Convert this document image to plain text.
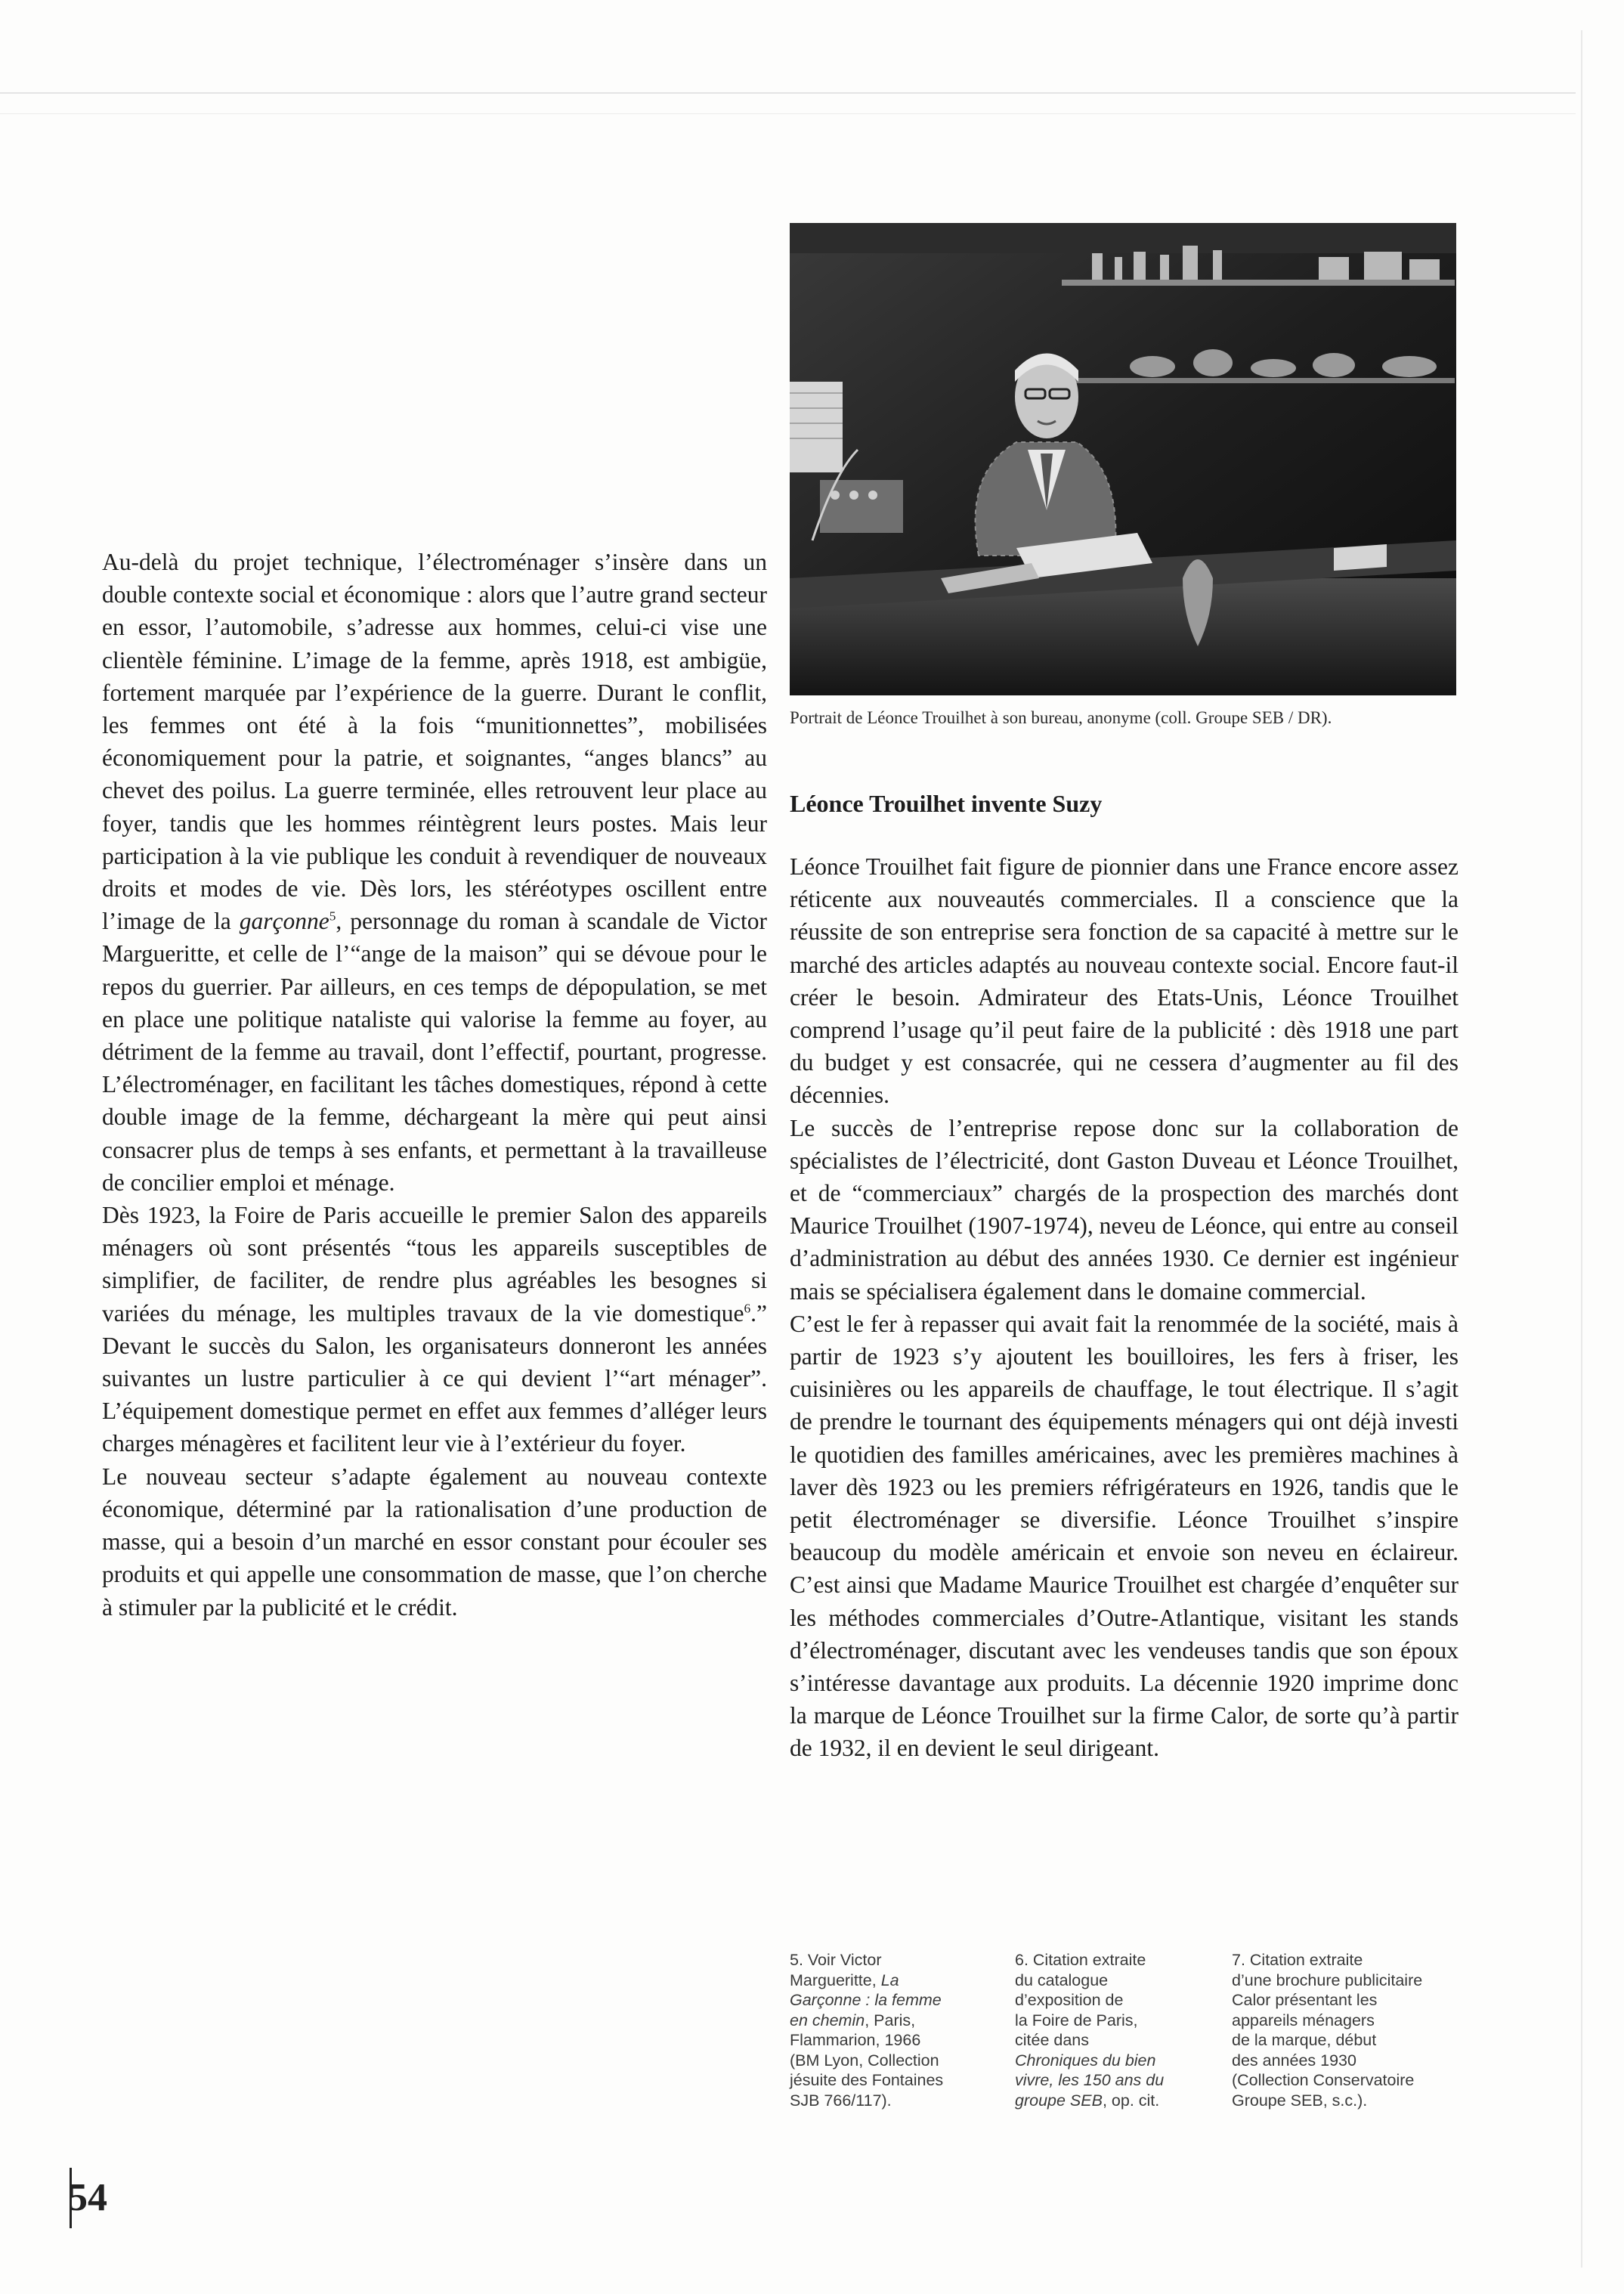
Portrait de Léonce Trouilhet à son bureau, anonyme (coll. Groupe SEB / DR).
Léonce Trouilhet invente Suzy

Au-delà du projet technique, l’électroménager s’insère dans un double contexte social et économique : alors que l’autre grand secteur en essor, l’automobile, s’adresse aux hommes, celui-ci vise une clientèle féminine. L’image de la femme, après 1918, est ambigüe, fortement marquée par l’expérience de la guerre. Durant le conflit, les femmes ont été à la fois “munitionnettes”, mobilisées économiquement pour la patrie, et soignantes, “anges blancs” au chevet des poilus. La guerre terminée, elles retrouvent leur place au foyer, tandis que les hommes réintègrent leurs postes. Mais leur participation à la vie publique les conduit à revendiquer de nouveaux droits et modes de vie. Dès lors, les stéréotypes oscillent entre l’image de la garçonne$^5$, personnage du roman à scandale de Victor Margueritte, et celle de l’“ange de la maison” qui se dévoue pour le repos du guerrier. Par ailleurs, en ces temps de dépopulation, se met en place une politique nataliste qui valorise la femme au foyer, au détriment de la femme au travail, dont l’effectif, pourtant, progresse. L’électroménager, en facilitant les tâches domestiques, répond à cette double image de la femme, déchargeant la mère qui peut ainsi consacrer plus de temps à ses enfants, et permettant à la travailleuse de concilier emploi et ménage.

Dès 1923, la Foire de Paris accueille le premier Salon des appareils ménagers où sont présentés “tous les appareils susceptibles de simplifier, de faciliter, de rendre plus agréables les besognes si variées du ménage, les multiples travaux de la vie domestique$^6$.” Devant le succès du Salon, les organisateurs donneront les années suivantes un lustre particulier à ce qui devient l’“art ménager”. L’équipement domestique permet en effet aux femmes d’alléger leurs charges ménagères et facilitent leur vie à l’extérieur du foyer.

Le nouveau secteur s’adapte également au nouveau contexte économique, déterminé par la rationalisation d’une production de masse, qui a besoin d’un marché en essor constant pour écouler ses produits et qui appelle une consommation de masse, que l’on cherche à stimuler par la publicité et le crédit.

Léonce Trouilhet fait figure de pionnier dans une France encore assez réticente aux nouveautés commerciales. Il a conscience que la réussite de son entreprise sera fonction de sa capacité à mettre sur le marché des articles adaptés au nouveau contexte social. Encore faut-il créer le besoin. Admirateur des Etats-Unis, Léonce Trouilhet comprend l’usage qu’il peut faire de la publicité : dès 1918 une part du budget y est consacrée, qui ne cessera d’augmenter au fil des décennies.

Le succès de l’entreprise repose donc sur la collaboration de spécialistes de l’électricité, dont Gaston Duveau et Léonce Trouilhet, et de “commerciaux” chargés de la prospection des marchés dont Maurice Trouilhet (1907-1974), neveu de Léonce, qui entre au conseil d’administration au début des années 1930. Ce dernier est ingénieur mais se spécialisera également dans le domaine commercial.

C’est le fer à repasser qui avait fait la renommée de la société, mais à partir de 1923 s’y ajoutent les bouilloires, les fers à friser, les cuisinières ou les appareils de chauffage, le tout électrique. Il s’agit de prendre le tournant des équipements ménagers qui ont déjà investi le quotidien des familles américaines, avec les premières machines à laver dès 1923 ou les premiers réfrigérateurs en 1926, tandis que le petit électroménager se diversifie. Léonce Trouilhet s’inspire beaucoup du modèle américain et envoie son neveu en éclaireur. C’est ainsi que Madame Maurice Trouilhet est chargée d’enquêter sur les méthodes commerciales d’Outre-Atlantique, visitant les stands d’électroménager, discutant avec les vendeuses tandis que son époux s’intéresse davantage aux produits. La décennie 1920 imprime donc la marque de Léonce Trouilhet sur la firme Calor, de sorte qu’à partir de 1932, il en devient le seul dirigeant.

5. Voir Victor
Margueritte, La
Garçonne : la femme
en chemin, Paris,
Flammarion, 1966
(BM Lyon, Collection
jésuite des Fontaines
SJB 766/117).
6. Citation extraite
du catalogue
d’exposition de
la Foire de Paris,
citée dans
Chroniques du bien
vivre, les 150 ans du
groupe SEB, op. cit.
7. Citation extraite
d’une brochure publicitaire
Calor présentant les
appareils ménagers
de la marque, début
des années 1930
(Collection Conservatoire
Groupe SEB, s.c.).
54
